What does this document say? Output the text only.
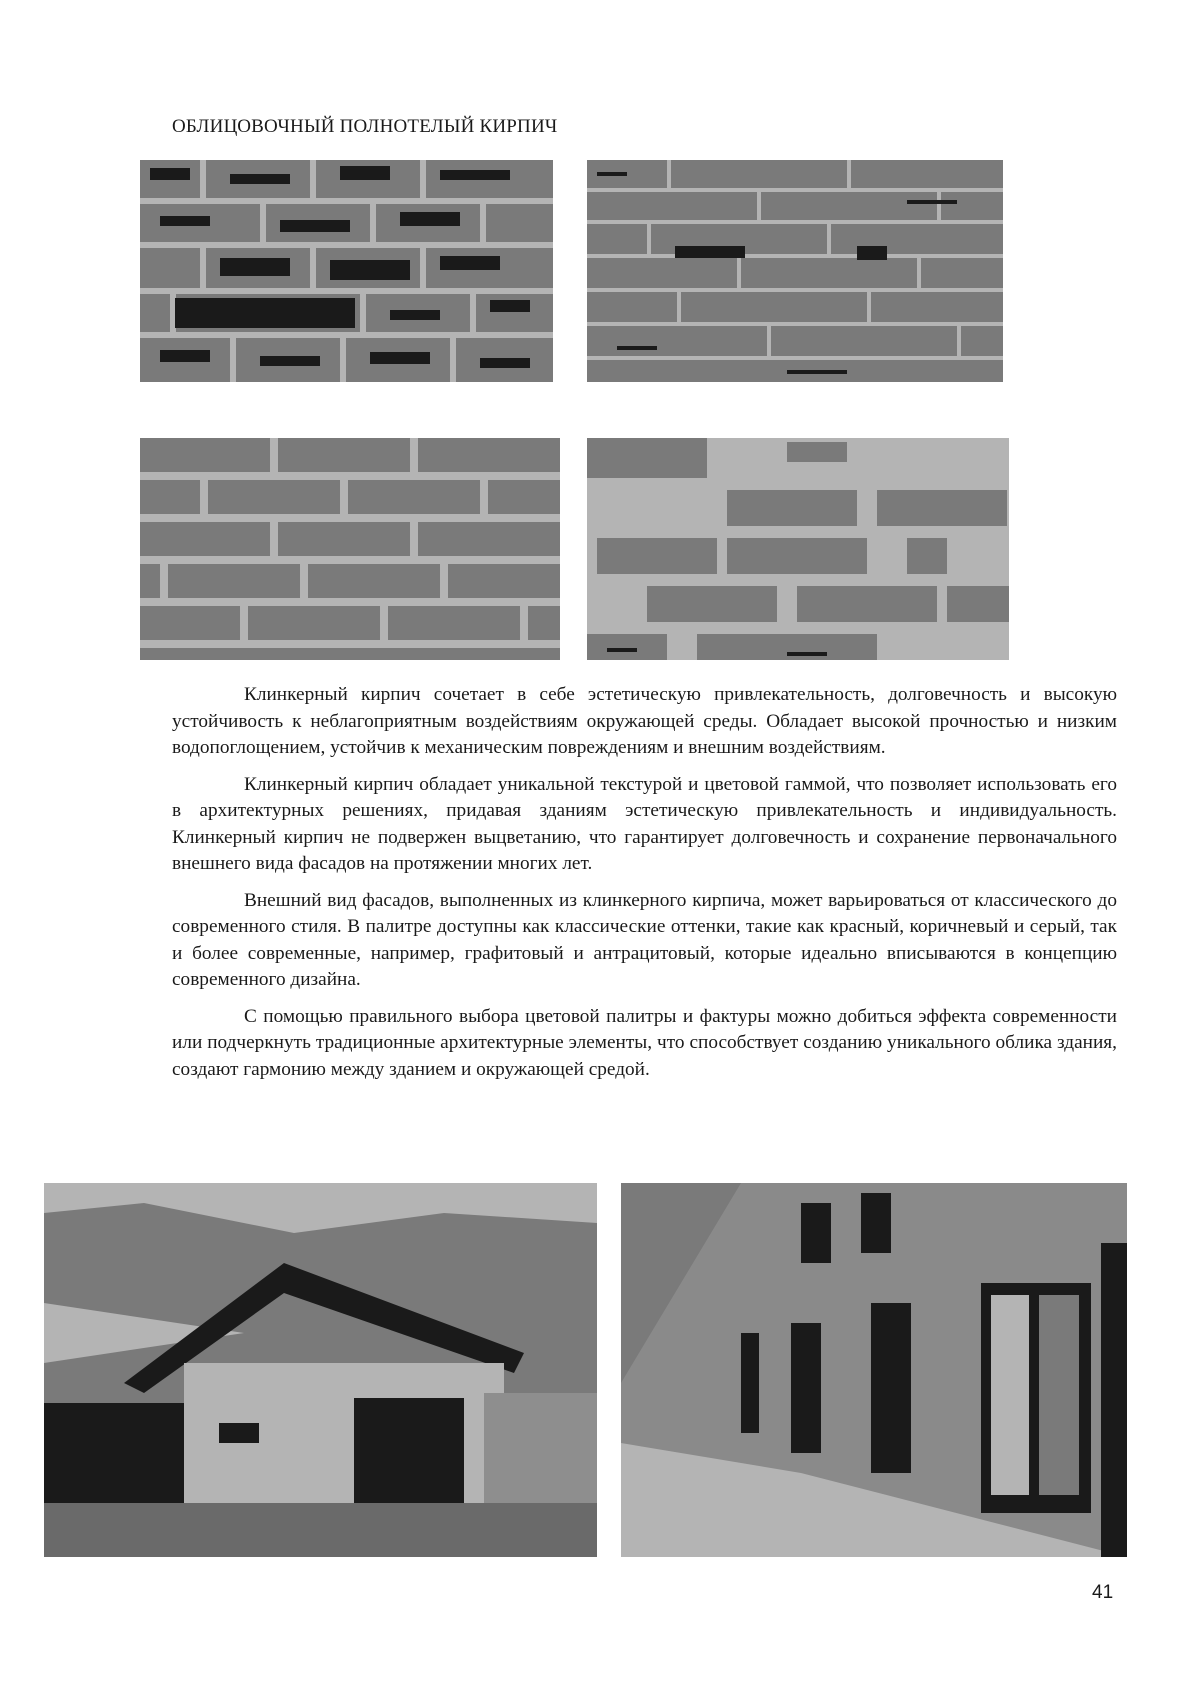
ОБЛИЦОВОЧНЫЙ ПОЛНОТЕЛЫЙ КИРПИЧ

Клинкерный кирпич сочетает в себе эстетическую привлекательность, долговечность и высокую устойчивость к неблагоприятным воздействиям окружающей среды. Обладает высокой прочностью и низким водопоглощением, устойчив к механическим повреждениям и внешним воздействиям.

Клинкерный кирпич обладает уникальной текстурой и цветовой гаммой, что позволяет использовать его в архитектурных решениях, придавая зданиям эстетическую привлекательность и индивидуальность. Клинкерный кирпич не подвержен выцветанию, что гарантирует долговечность и сохранение первоначального внешнего вида фасадов на протяжении многих лет.

Внешний вид фасадов, выполненных из клинкерного кирпича, может варьироваться от классического до современного стиля. В палитре доступны как классические оттенки, такие как красный, коричневый и серый, так и более современные, например, графитовый и антрацитовый, которые идеально вписываются в концепцию современного дизайна.

С помощью правильного выбора цветовой палитры и фактуры можно добиться эффекта современности или подчеркнуть традиционные архитектурные элементы, что способствует созданию уникального облика здания, создают гармонию между зданием и окружающей средой.

41
